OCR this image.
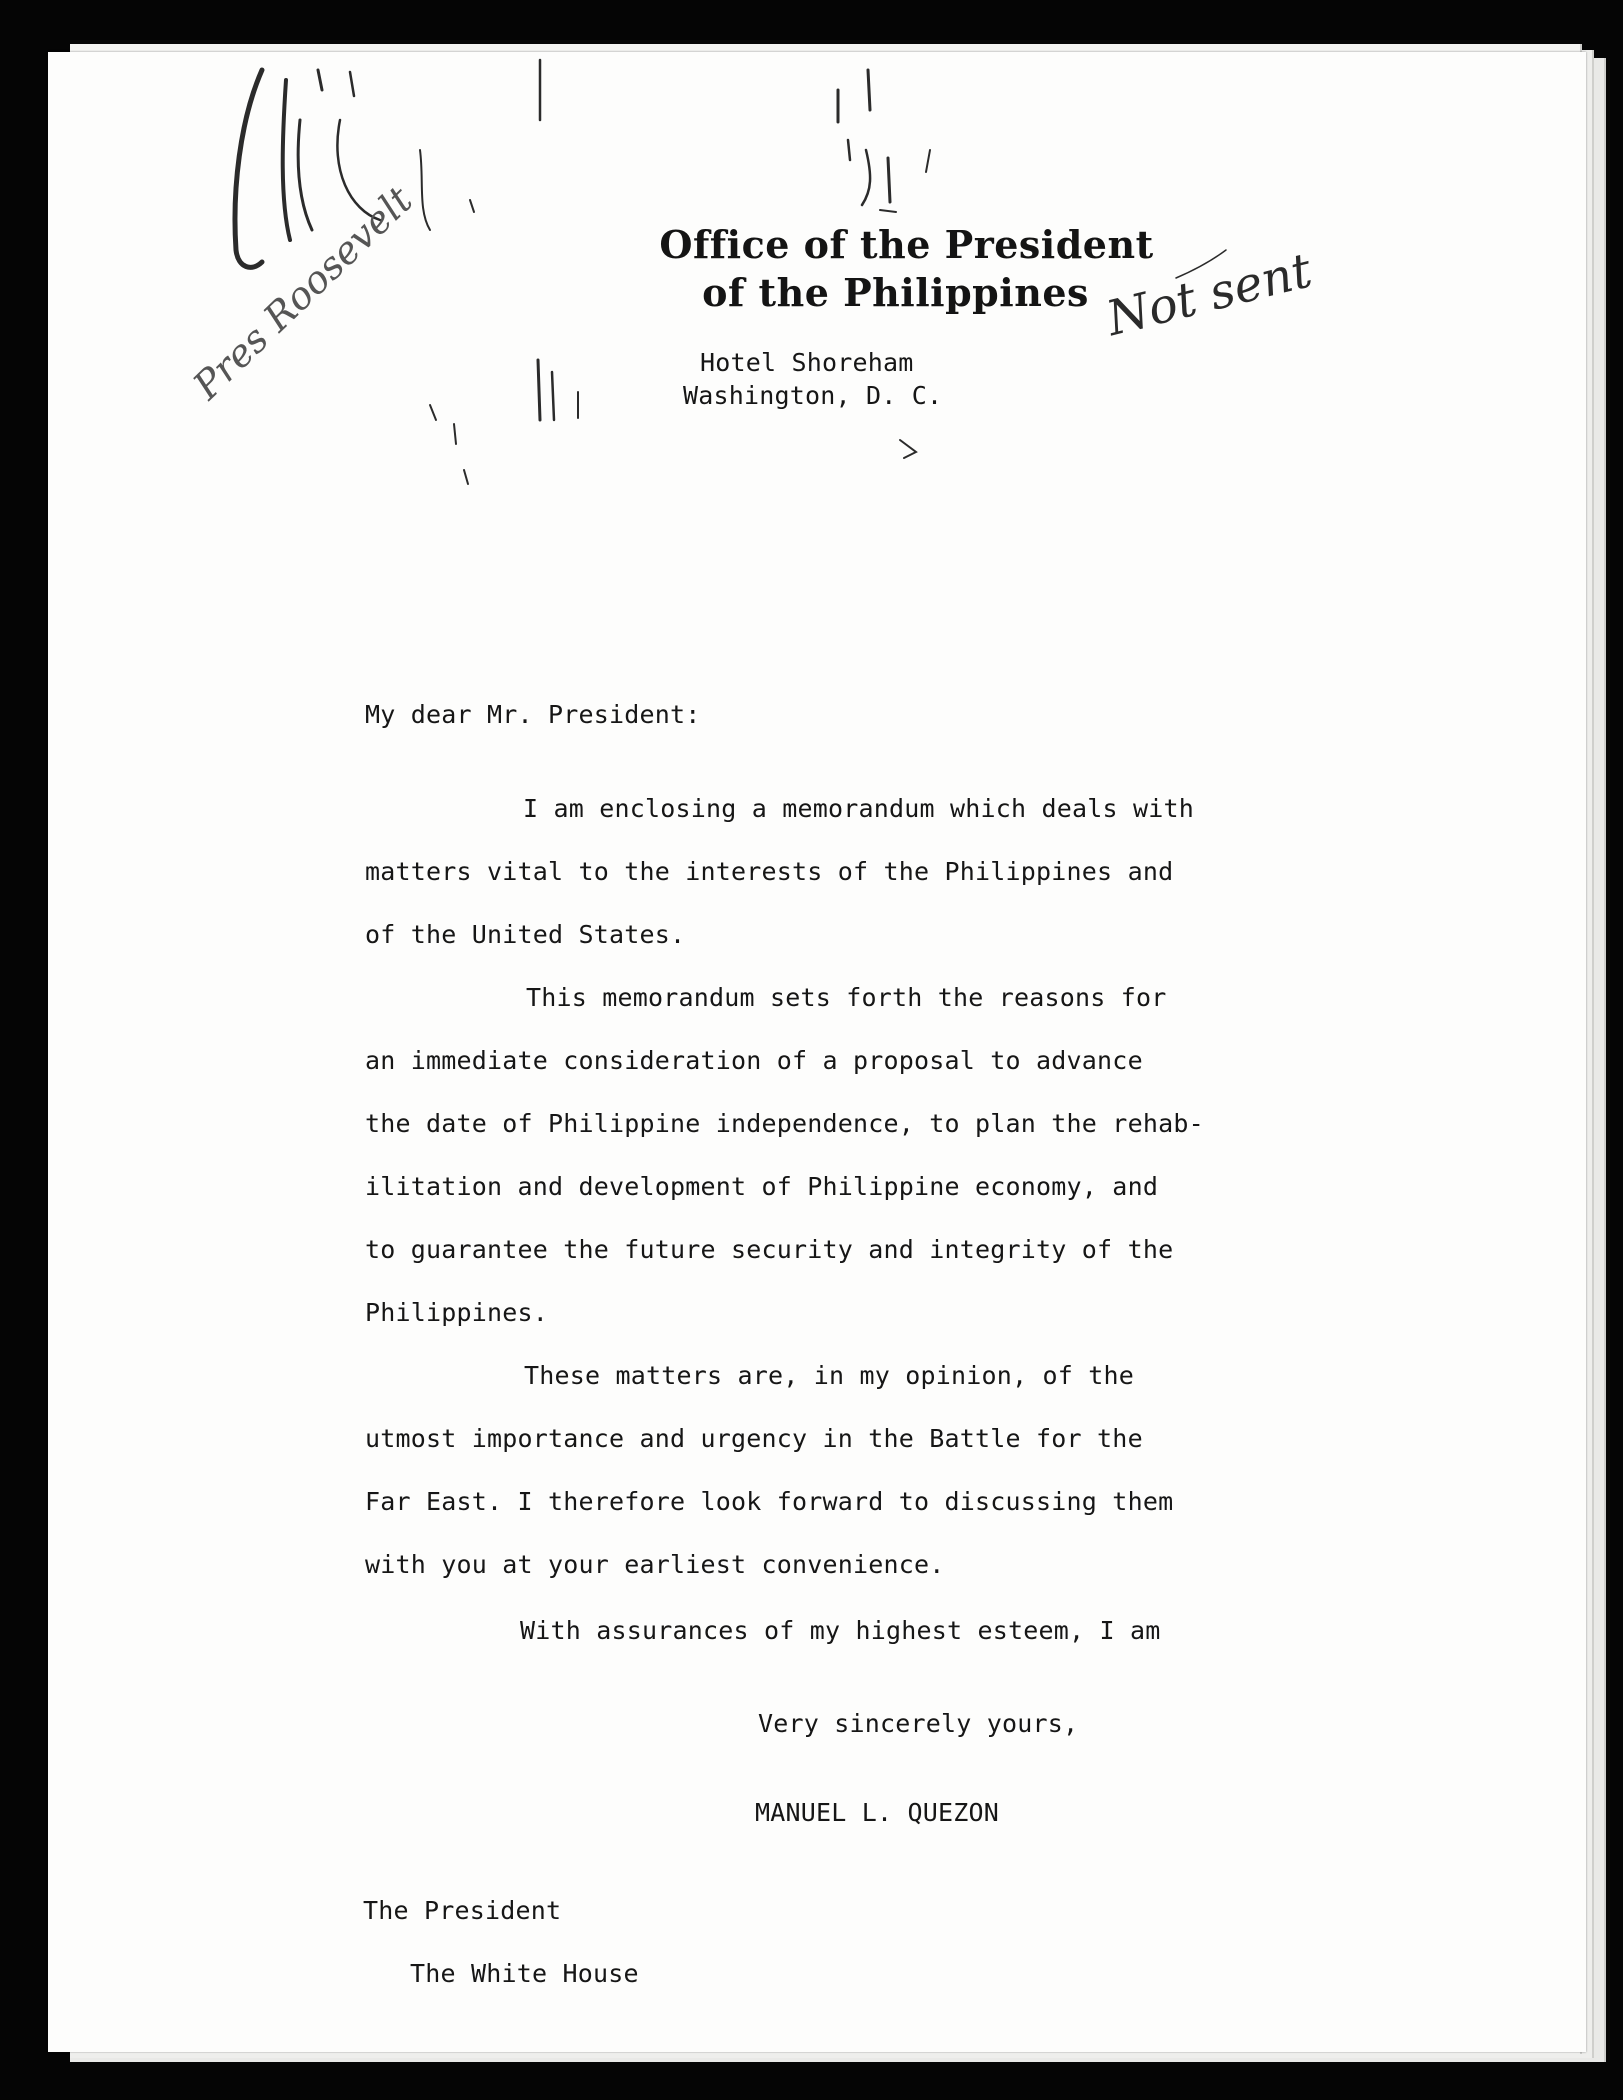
Not sent
Pres Roosevelt	Office of the President
of the Philippines
Hotel Shoreham
Washington, D. C.
My dear Mr. President:
I am enclosing a memorandum which deals with
matters vital to the interests of the Philippines and
of the United States.
This memorandum sets forth the reasons for
an immediate consideration of a proposal to advance
the date of Philippine independence, to plan the rehab-
ilitation and development of Philippine economy, and
to guarantee the future security and integrity of the
Philippines.
These matters are, in my opinion, of the
utmost importance and urgency in the Battle for the
Far East. I therefore look forward to discussing them
with you at your earliest convenience.
With assurances of my highest esteem, I am
Very sincerely yours,
MANUEL L. QUEZON
The President
The White House
